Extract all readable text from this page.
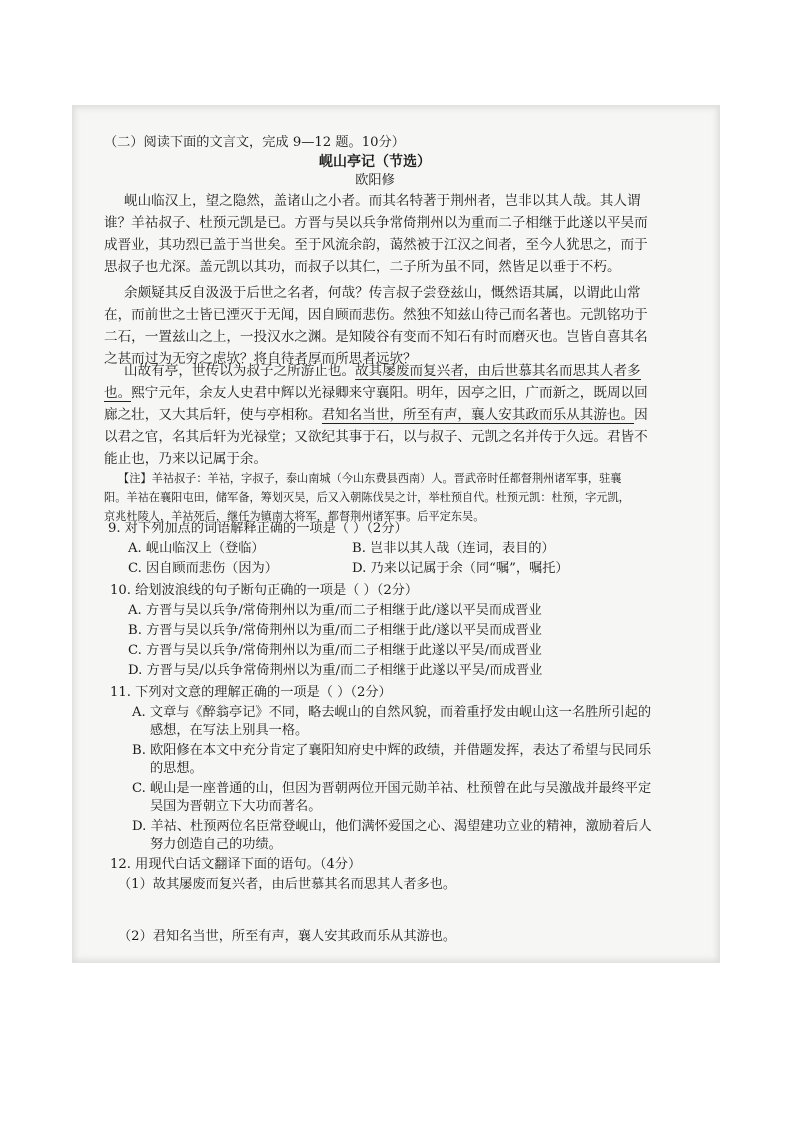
（二）阅读下面的文言文，完成 9—12 题。10分）
岘山亭记（节选）
欧阳修
岘山临汉上，望之隐然，盖诸山之小者。而其名特著于荆州者，岂非以其人哉。其人谓
谁？羊祜叔子、杜预元凯是已。方晋与吴以兵争常倚荆州以为重而二子相继于此遂以平吴而
成晋业，其功烈已盖于当世矣。至于风流余韵，蔼然被于江汉之间者，至今人犹思之，而于
思叔子也尤深。盖元凯以其功，而叔子以其仁，二子所为虽不同，然皆足以垂于不朽。
余颇疑其反自汲汲于后世之名者，何哉？传言叔子尝登兹山，慨然语其属，以谓此山常
在，而前世之士皆已湮灭于无闻，因自顾而悲伤。然独不知兹山待己而名著也。元凯铭功于
二石，一置兹山之上，一投汉水之渊。是知陵谷有变而不知石有时而磨灭也。岂皆自喜其名
之甚而过为无穷之虑欤？将自待者厚而所思者远欤？
山故有亭，世传以为叔子之所游止也。故其屡废而复兴者，由后世慕其名而思其人者多
也。熙宁元年，余友人史君中辉以光禄卿来守襄阳。明年，因亭之旧，广而新之，既周以回
廊之壮，又大其后轩，使与亭相称。君知名当世，所至有声，襄人安其政而乐从其游也。因
以君之官，名其后轩为光禄堂；又欲纪其事于石，以与叔子、元凯之名并传于久远。君皆不
能止也，乃来以记属于余。
【注】羊祜叔子：羊祜，字叔子，泰山南城（今山东费县西南）人。晋武帝时任都督荆州诸军事，驻襄
阳。羊祜在襄阳屯田，储军备，筹划灭吴，后又入朝陈伐吴之计，举杜预自代。杜预元凯：杜预，字元凯，
京兆杜陵人，羊祜死后，继任为镇南大将军，都督荆州诸军事。后平定东吴。
9. 对下列加点的词语解释正确的一项是（ ）（2分）
A. 岘山临汉上（登临）	B. 岂非以其人哉（连词，表目的）
C. 因自顾而悲伤（因为）	D. 乃来以记属于余（同“嘱”，嘱托）
10. 给划波浪线的句子断句正确的一项是（ ）（2分）
A. 方晋与吴以兵争/常倚荆州以为重/而二子相继于此/遂以平吴而成晋业
B. 方晋与吴以兵争/常倚荆州以为重/而二子相继于此/遂以平吴而成晋业
C. 方晋与吴以兵争/常倚荆州以为重/而二子相继于此遂以平吴/而成晋业
D. 方晋与吴/以兵争常倚荆州以为重/而二子相继于此遂以平吴/而成晋业
11. 下列对文意的理解正确的一项是（ ）（2分）
A. 文章与《醉翁亭记》不同，略去岘山的自然风貌，而着重抒发由岘山这一名胜所引起的
感想，在写法上别具一格。
B. 欧阳修在本文中充分肯定了襄阳知府史中辉的政绩，并借题发挥，表达了希望与民同乐
的思想。
C. 岘山是一座普通的山，但因为晋朝两位开国元勋羊祜、杜预曾在此与吴激战并最终平定
吴国为晋朝立下大功而著名。
D. 羊祜、杜预两位名臣常登岘山，他们满怀爱国之心、渴望建功立业的精神，激励着后人
努力创造自己的功绩。
12. 用现代白话文翻译下面的语句。（4分）
（1）故其屡废而复兴者，由后世慕其名而思其人者多也。
（2）君知名当世，所至有声，襄人安其政而乐从其游也。
